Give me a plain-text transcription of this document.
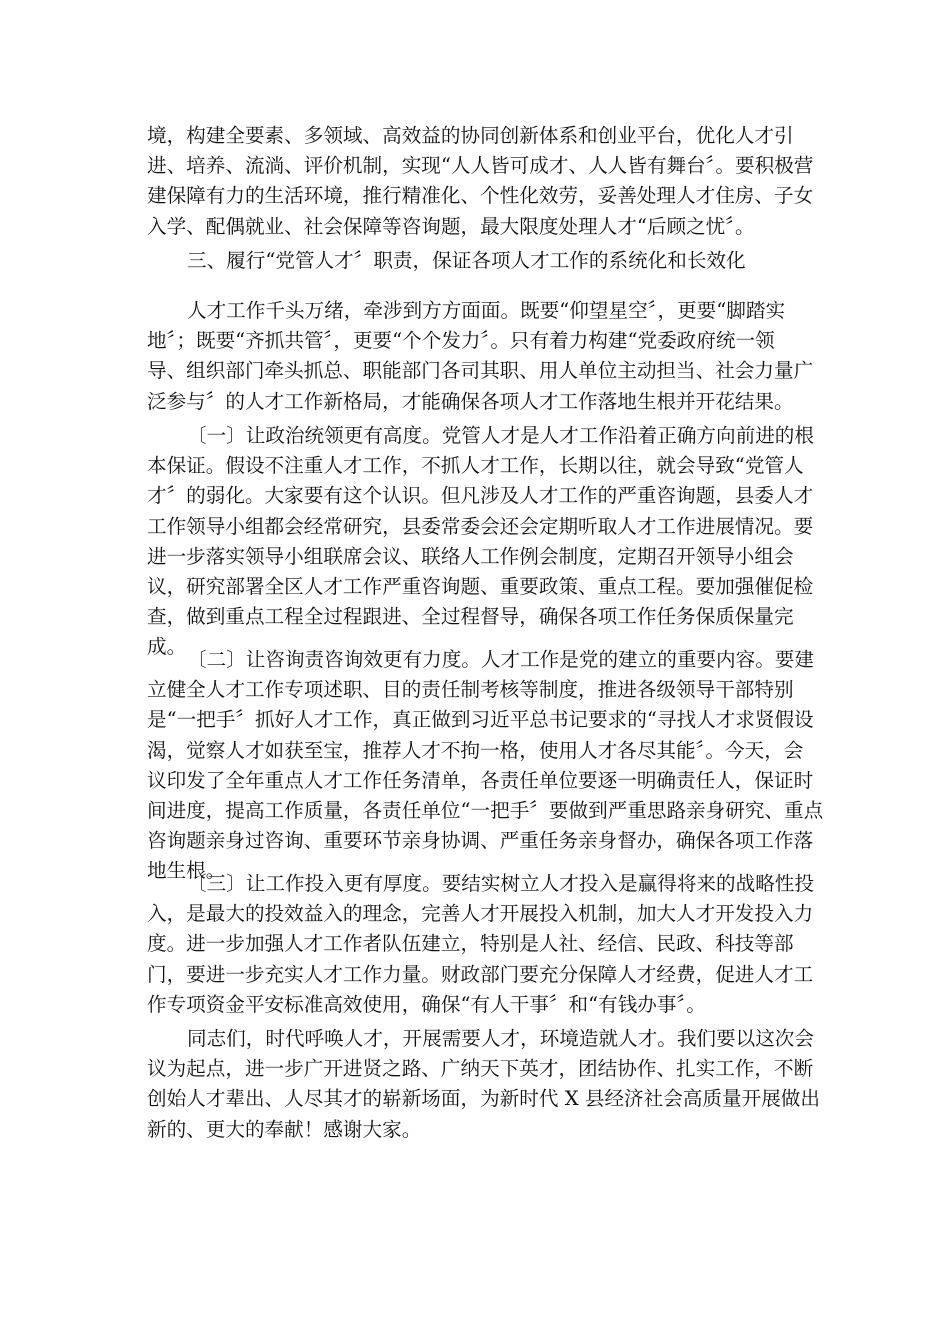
境，构建全要素、多领域、高效益的协同创新体系和创业平台，优化人才引
进、培养、流淌、评价机制，实现“人人皆可成才、人人皆有舞台〞。要积极营
建保障有力的生活环境，推行精准化、个性化效劳，妥善处理人才住房、子女
入学、配偶就业、社会保障等咨询题，最大限度处理人才“后顾之忧〞。
三、履行“党管人才〞职责，保证各项人才工作的系统化和长效化
人才工作千头万绪，牵涉到方方面面。既要“仰望星空〞，更要“脚踏实
地〞；既要“齐抓共管〞，更要“个个发力〞。只有着力构建“党委政府统一领
导、组织部门牵头抓总、职能部门各司其职、用人单位主动担当、社会力量广
泛参与〞的人才工作新格局，才能确保各项人才工作落地生根并开花结果。
〔一〕让政治统领更有高度。党管人才是人才工作沿着正确方向前进的根
本保证。假设不注重人才工作，不抓人才工作，长期以往，就会导致“党管人
才〞的弱化。大家要有这个认识。但凡涉及人才工作的严重咨询题，县委人才
工作领导小组都会经常研究，县委常委会还会定期听取人才工作进展情况。要
进一步落实领导小组联席会议、联络人工作例会制度，定期召开领导小组会
议，研究部署全区人才工作严重咨询题、重要政策、重点工程。要加强催促检
查，做到重点工程全过程跟进、全过程督导，确保各项工作任务保质保量完
成。
〔二〕让咨询责咨询效更有力度。人才工作是党的建立的重要内容。要建
立健全人才工作专项述职、目的责任制考核等制度，推进各级领导干部特别
是“一把手〞抓好人才工作，真正做到习近平总书记要求的“寻找人才求贤假设
渴，觉察人才如获至宝，推荐人才不拘一格，使用人才各尽其能〞。今天，会
议印发了全年重点人才工作任务清单，各责任单位要逐一明确责任人，保证时
间进度，提高工作质量，各责任单位“一把手〞要做到严重思路亲身研究、重点
咨询题亲身过咨询、重要环节亲身协调、严重任务亲身督办，确保各项工作落
地生根。
〔三〕让工作投入更有厚度。要结实树立人才投入是赢得将来的战略性投
入，是最大的投效益入的理念，完善人才开展投入机制，加大人才开发投入力
度。进一步加强人才工作者队伍建立，特别是人社、经信、民政、科技等部
门，要进一步充实人才工作力量。财政部门要充分保障人才经费，促进人才工
作专项资金平安标准高效使用，确保“有人干事〞和“有钱办事〞。
同志们，时代呼唤人才，开展需要人才，环境造就人才。我们要以这次会
议为起点，进一步广开进贤之路、广纳天下英才，团结协作、扎实工作，不断
创始人才辈出、人尽其才的崭新场面，为新时代 X 县经济社会高质量开展做出
新的、更大的奉献！感谢大家。
